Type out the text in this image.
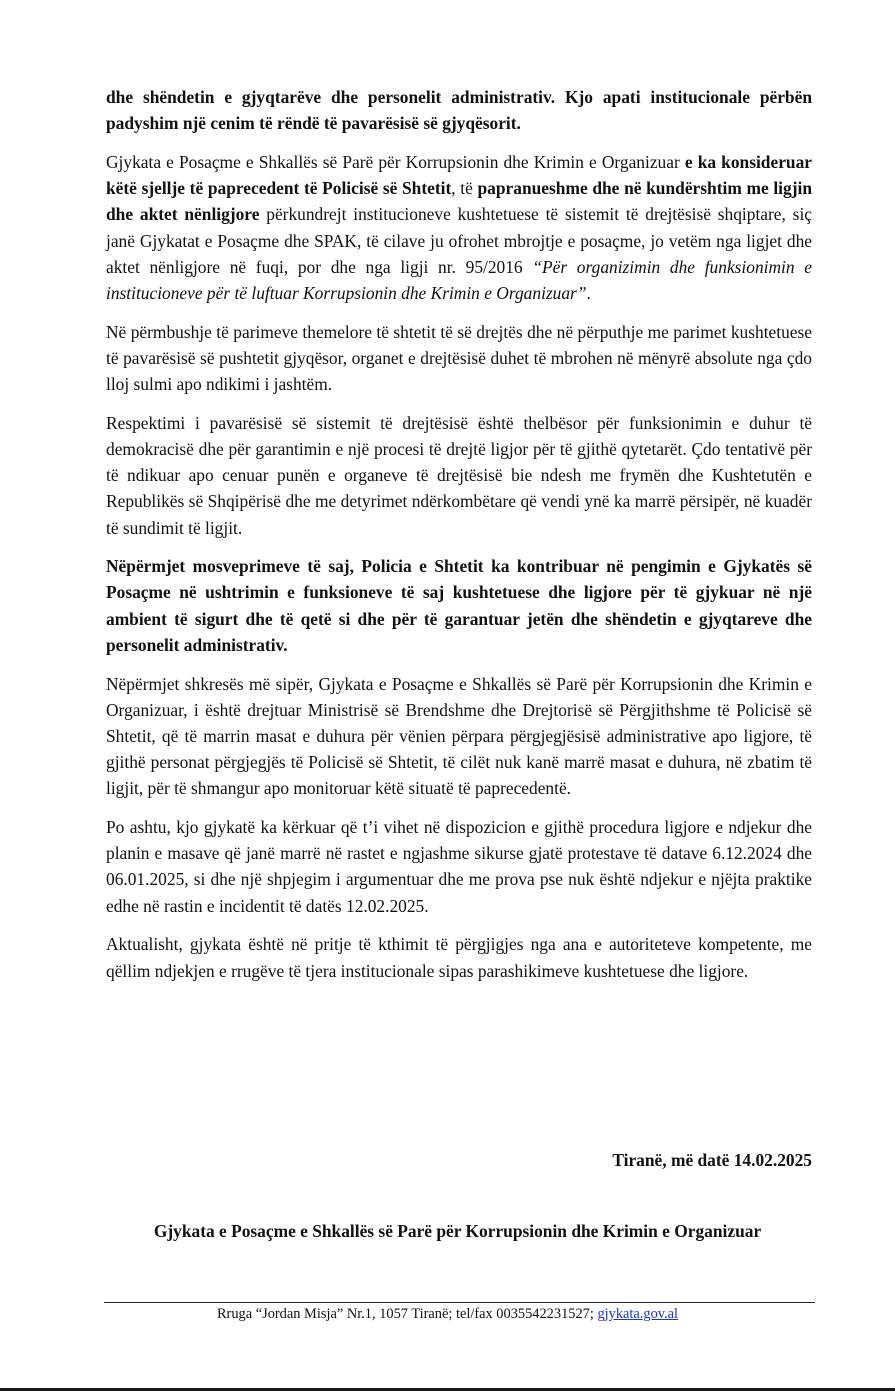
dhe shëndetin e gjyqtarëve dhe personelit administrativ. Kjo apati institucionale përbën padyshim një cenim të rëndë të pavarësisë së gjyqësorit.

Gjykata e Posaçme e Shkallës së Parë për Korrupsionin dhe Krimin e Organizuar e ka konsideruar këtë sjellje të paprecedent të Policisë së Shtetit, të papranueshme dhe në kundërshtim me ligjin dhe aktet nënligjore përkundrejt institucioneve kushtetuese të sistemit të drejtësisë shqiptare, siç janë Gjykatat e Posaçme dhe SPAK, të cilave ju ofrohet mbrojtje e posaçme, jo vetëm nga ligjet dhe aktet nënligjore në fuqi, por dhe nga ligji nr. 95/2016 “Për organizimin dhe funksionimin e institucioneve për të luftuar Korrupsionin dhe Krimin e Organizuar”.

Në përmbushje të parimeve themelore të shtetit të së drejtës dhe në përputhje me parimet kushtetuese të pavarësisë së pushtetit gjyqësor, organet e drejtësisë duhet të mbrohen në mënyrë absolute nga çdo lloj sulmi apo ndikimi i jashtëm.

Respektimi i pavarësisë së sistemit të drejtësisë është thelbësor për funksionimin e duhur të demokracisë dhe për garantimin e një procesi të drejtë ligjor për të gjithë qytetarët. Çdo tentativë për të ndikuar apo cenuar punën e organeve të drejtësisë bie ndesh me frymën dhe Kushtetutën e Republikës së Shqipërisë dhe me detyrimet ndërkombëtare që vendi ynë ka marrë përsipër, në kuadër të sundimit të ligjit.

Nëpërmjet mosveprimeve të saj, Policia e Shtetit ka kontribuar në pengimin e Gjykatës së Posaçme në ushtrimin e funksioneve të saj kushtetuese dhe ligjore për të gjykuar në një ambient të sigurt dhe të qetë si dhe për të garantuar jetën dhe shëndetin e gjyqtareve dhe personelit administrativ.

Nëpërmjet shkresës më sipër, Gjykata e Posaçme e Shkallës së Parë për Korrupsionin dhe Krimin e Organizuar, i është drejtuar Ministrisë së Brendshme dhe Drejtorisë së Përgjithshme të Policisë së Shtetit, që të marrin masat e duhura për vënien përpara përgjegjësisë administrative apo ligjore, të gjithë personat përgjegjës të Policisë së Shtetit, të cilët nuk kanë marrë masat e duhura, në zbatim të ligjit, për të shmangur apo monitoruar këtë situatë të paprecedentë.

Po ashtu, kjo gjykatë ka kërkuar që t’i vihet në dispozicion e gjithë procedura ligjore e ndjekur dhe planin e masave që janë marrë në rastet e ngjashme sikurse gjatë protestave të datave 6.12.2024 dhe 06.01.2025, si dhe një shpjegim i argumentuar dhe me prova pse nuk është ndjekur e njëjta praktike edhe në rastin e incidentit të datës 12.02.2025.

Aktualisht, gjykata është në pritje të kthimit të përgjigjes nga ana e autoriteteve kompetente, me qëllim ndjekjen e rrugëve të tjera institucionale sipas parashikimeve kushtetuese dhe ligjore.

Tiranë, më datë 14.02.2025
Gjykata e Posaçme e Shkallës së Parë për Korrupsionin dhe Krimin e Organizuar
Rruga “Jordan Misja” Nr.1, 1057 Tiranë; tel/fax 0035542231527; gjykata.gov.al
